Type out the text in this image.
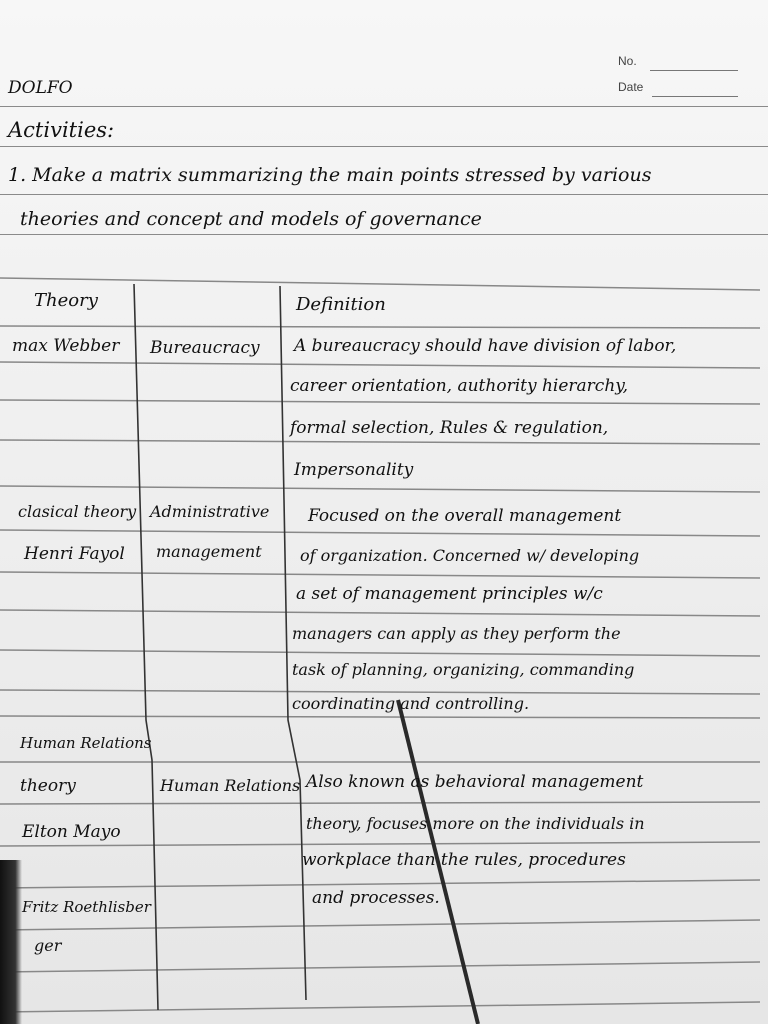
No.
Date
DOLFO
Activities:
1. Make a matrix summarizing the main points stressed by various
theories and concept and models of governance
Theory	Definition
max Webber Bureaucracy A bureaucracy should have division of labor,
career orientation, authority hierarchy,
formal selection, Rules & regulation,
Impersonality
clasical theory
Henri Fayol
Administrative
management
Focused on the overall management
of organization. Concerned w/ developing
a set of management principles w/c
managers can apply as they perform the
task of planning, organizing, commanding
coordinating and controlling.
Human Relations
theory
Elton Mayo
Fritz Roethlisber
ger
Human Relations Also known as behavioral management
theory, focuses more on the individuals in
workplace than the rules, procedures
and processes.
